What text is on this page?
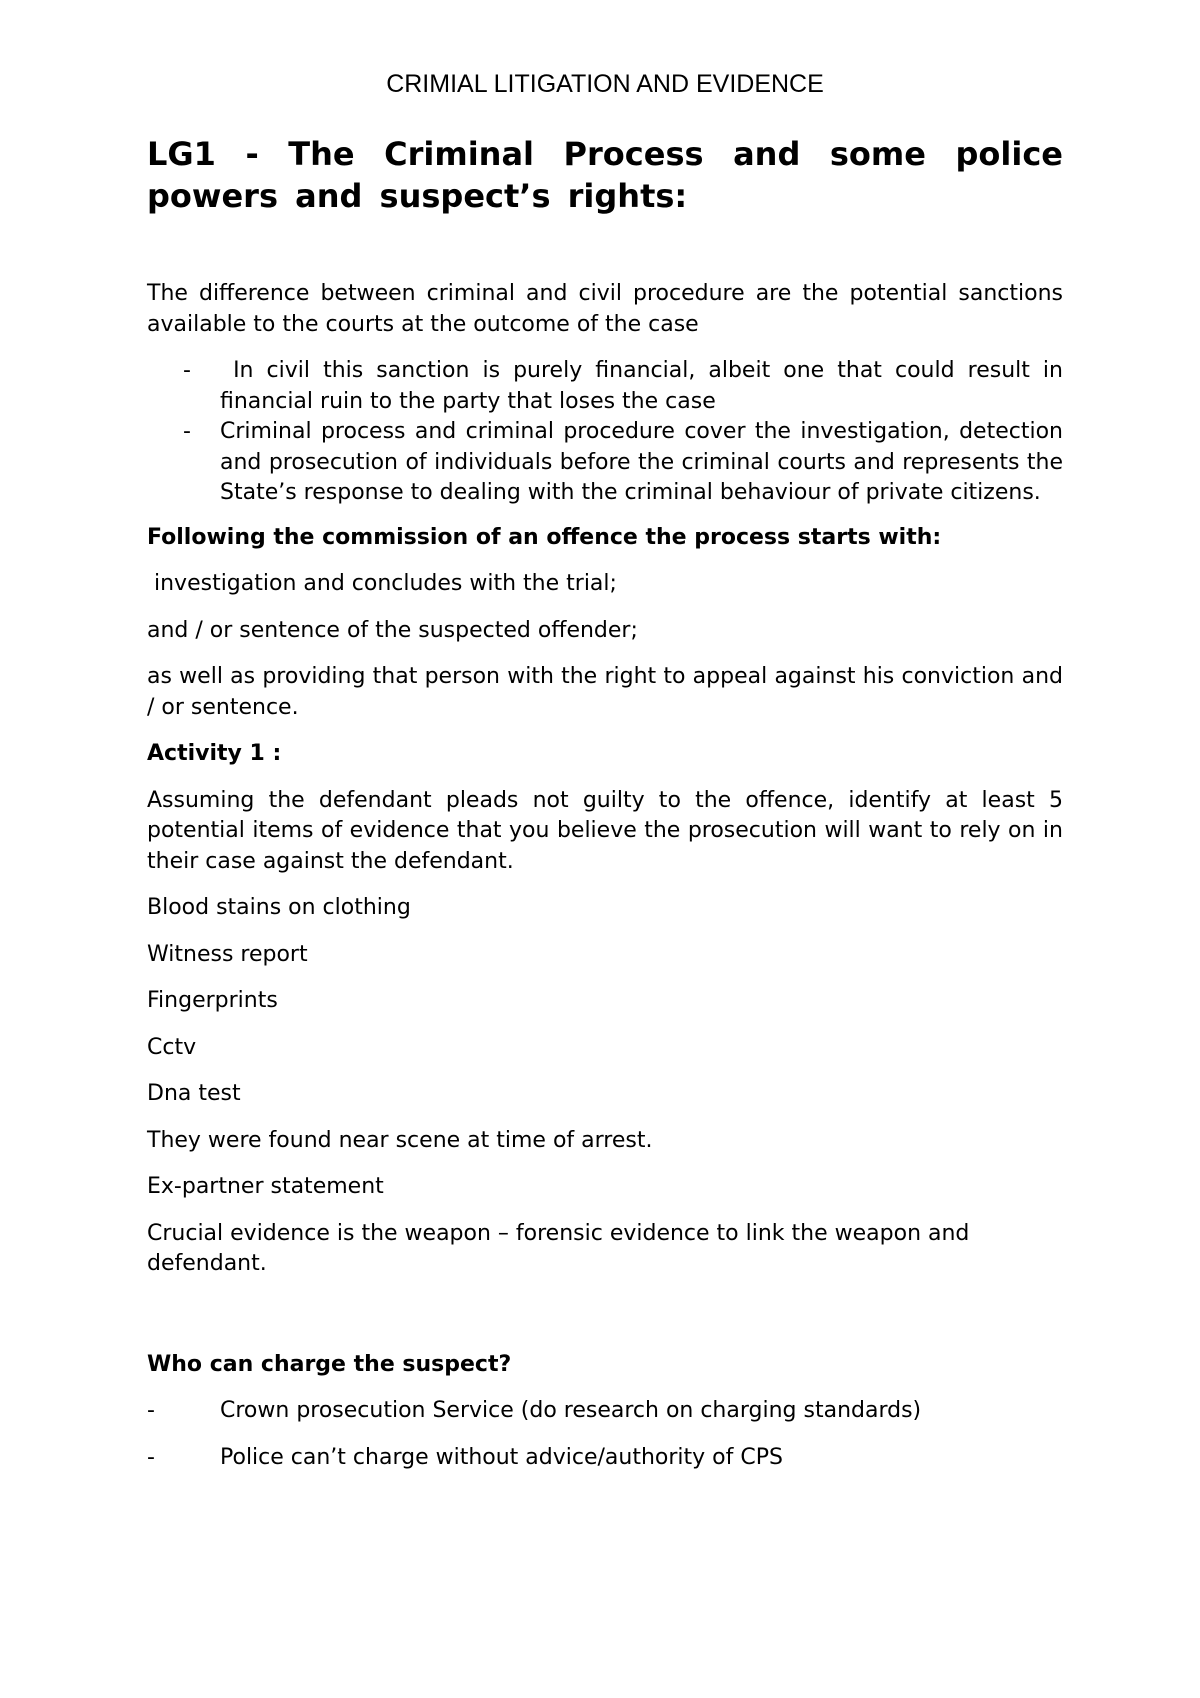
CRIMIAL LITIGATION AND EVIDENCE
LG1 - The Criminal Process and some police powers and suspect’s rights:

The difference between criminal and civil procedure are the potential sanctions available to the courts at the outcome of the case

- In civil this sanction is purely financial, albeit one that could result in financial ruin to the party that loses the case
- Criminal process and criminal procedure cover the investigation, detection and prosecution of individuals before the criminal courts and represents the State’s response to dealing with the criminal behaviour of private citizens.

Following the commission of an offence the process starts with:

investigation and concludes with the trial;

and / or sentence of the suspected offender;

as well as providing that person with the right to appeal against his conviction and / or sentence.

Activity 1 :

Assuming the defendant pleads not guilty to the offence, identify at least 5 potential items of evidence that you believe the prosecution will want to rely on in their case against the defendant.

Blood stains on clothing

Witness report

Fingerprints

Cctv

Dna test

They were found near scene at time of arrest.

Ex-partner statement

Crucial evidence is the weapon – forensic evidence to link the weapon and defendant.

Who can charge the suspect?

-	Crown prosecution Service (do research on charging standards)
-	Police can’t charge without advice/authority of CPS
